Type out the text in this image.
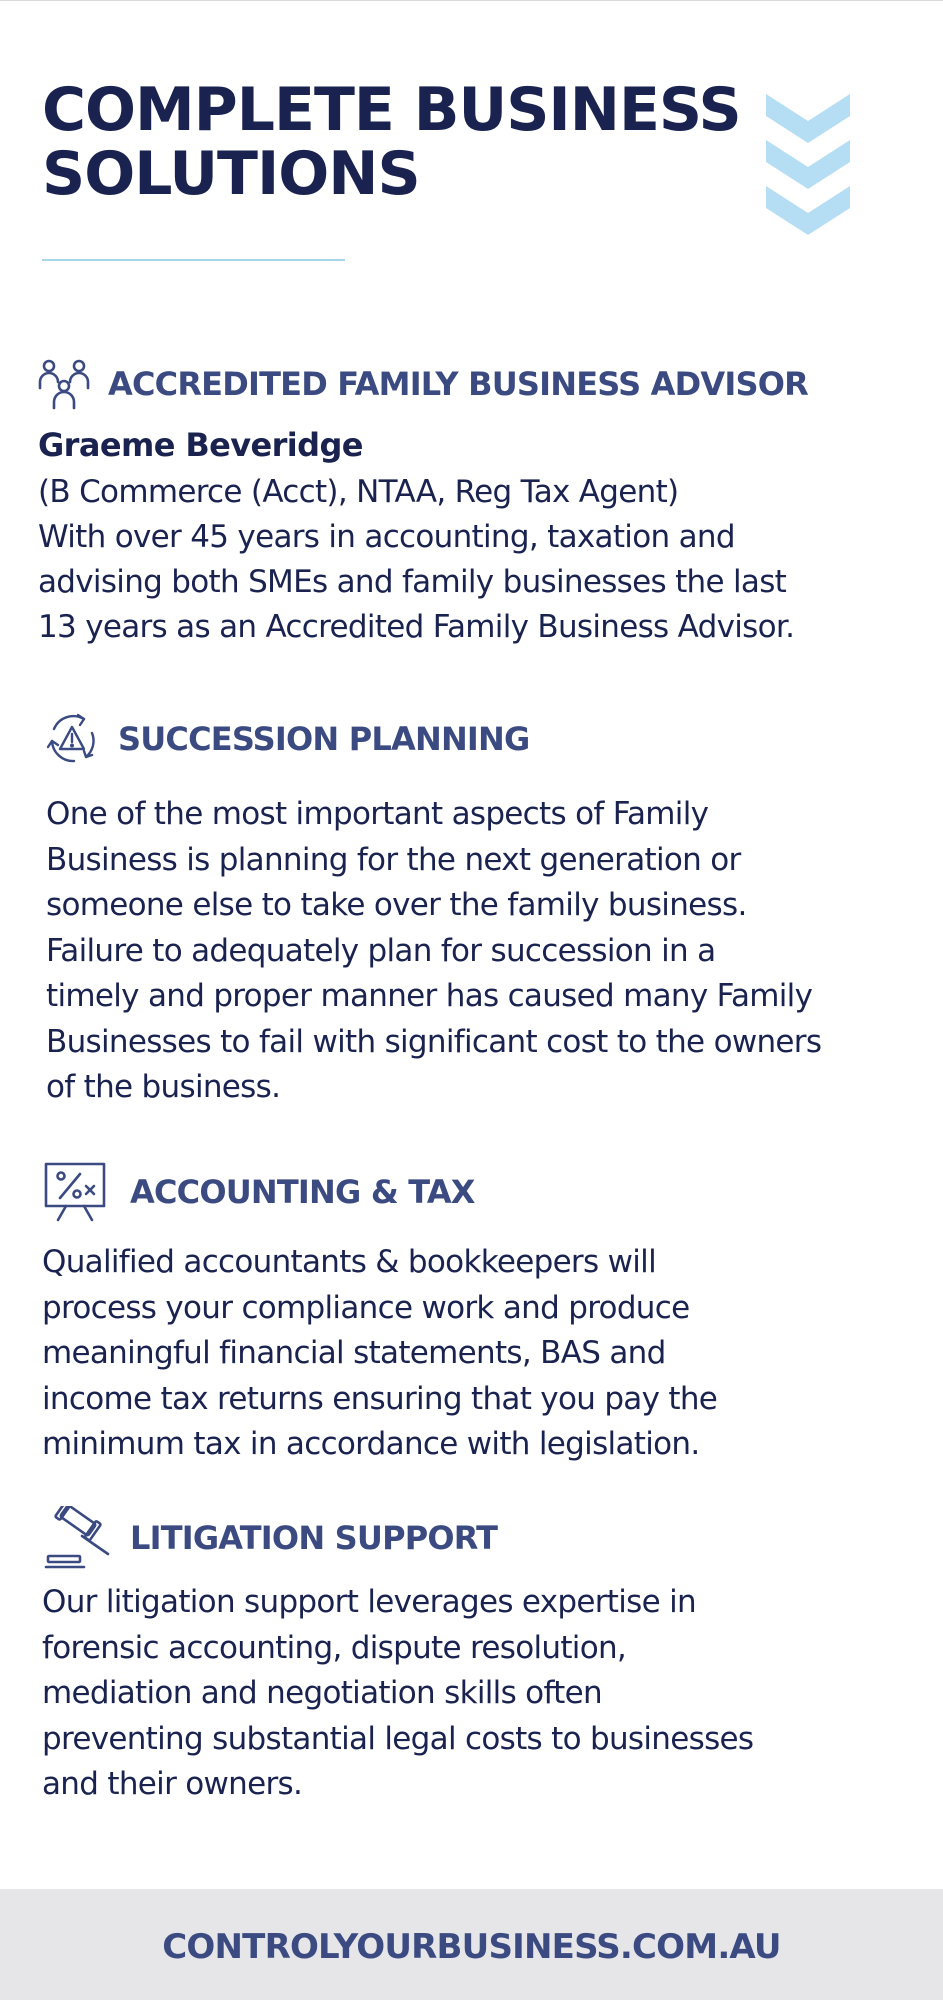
COMPLETE BUSINESS
SOLUTIONS
ACCREDITED FAMILY BUSINESS ADVISOR
Graeme Beveridge
(B Commerce (Acct), NTAA, Reg Tax Agent)
With over 45 years in accounting, taxation and
advising both SMEs and family businesses the last
13 years as an Accredited Family Business Advisor.
SUCCESSION PLANNING
One of the most important aspects of Family
Business is planning for the next generation or
someone else to take over the family business.
Failure to adequately plan for succession in a
timely and proper manner has caused many Family
Businesses to fail with significant cost to the owners
of the business.
ACCOUNTING & TAX
Qualified accountants & bookkeepers will
process your compliance work and produce
meaningful financial statements, BAS and
income tax returns ensuring that you pay the
minimum tax in accordance with legislation.
LITIGATION SUPPORT
Our litigation support leverages expertise in
forensic accounting, dispute resolution,
mediation and negotiation skills often
preventing substantial legal costs to businesses
and their owners.
CONTROLYOURBUSINESS.COM.AU
